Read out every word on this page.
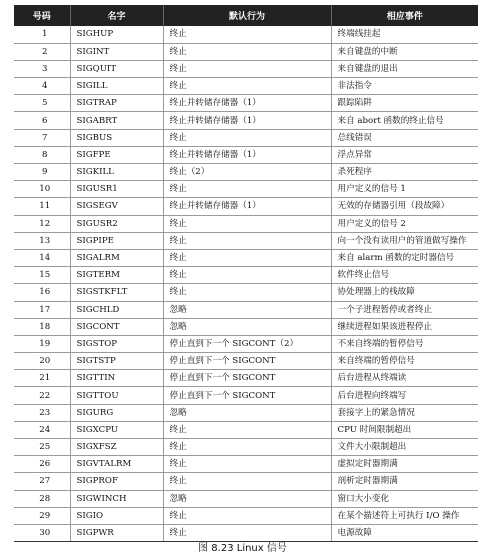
号码	名字	默认行为	相应事件
1	SIGHUP	终止	终端线挂起
2	SIGINT	终止	来自键盘的中断
3	SIGQUIT	终止	来自键盘的退出
4	SIGILL	终止	非法指令
5	SIGTRAP	终止并转储存储器（1）	跟踪陷阱
6	SIGABRT	终止并转储存储器（1）	来自 abort 函数的终止信号
7	SIGBUS	终止	总线错误
8	SIGFPE	终止并转储存储器（1）	浮点异常
9	SIGKILL	终止（2）	杀死程序
10	SIGUSR1	终止	用户定义的信号 1
11	SIGSEGV	终止并转储存储器（1）	无效的存储器引用（段故障）
12	SIGUSR2	终止	用户定义的信号 2
13	SIGPIPE	终止	向一个没有读用户的管道做写操作
14	SIGALRM	终止	来自 alarm 函数的定时器信号
15	SIGTERM	终止	软件终止信号
16	SIGSTKFLT	终止	协处理器上的栈故障
17	SIGCHLD	忽略	一个子进程暂停或者终止
18	SIGCONT	忽略	继续进程如果该进程停止
19	SIGSTOP	停止直到下一个 SIGCONT（2）	不来自终端的暂停信号
20	SIGTSTP	停止直到下一个 SIGCONT	来自终端的暂停信号
21	SIGTTIN	停止直到下一个 SIGCONT	后台进程从终端读
22	SIGTTOU	停止直到下一个 SIGCONT	后台进程向终端写
23	SIGURG	忽略	套接字上的紧急情况
24	SIGXCPU	终止	CPU 时间限制超出
25	SIGXFSZ	终止	文件大小限制超出
26	SIGVTALRM	终止	虚拟定时器期满
27	SIGPROF	终止	剖析定时器期满
28	SIGWINCH	忽略	窗口大小变化
29	SIGIO	终止	在某个描述符上可执行 I/O 操作
30	SIGPWR	终止	电源故障
图 8.23 Linux 信号
